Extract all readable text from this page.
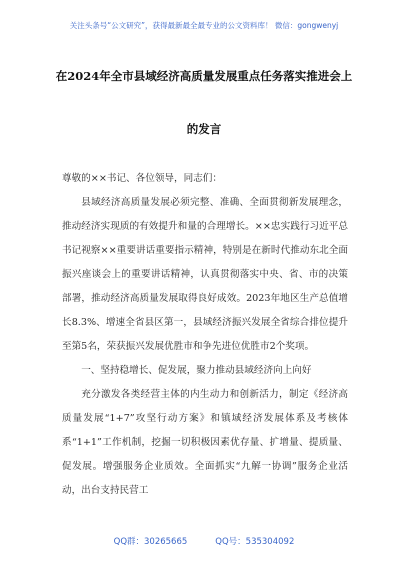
关注头条号“公文研究”，获得最新最全最专业的公文资料库！ 微信：gongwenyj
在2024年全市县域经济高质量发展重点任务落实推进会上
的发言

尊敬的××书记、各位领导，同志们：

县域经济高质量发展必须完整、准确、全面贯彻新发展理念，推动经济实现质的有效提升和量的合理增长。××忠实践行习近平总书记视察××重要讲话重要指示精神，特别是在新时代推动东北全面振兴座谈会上的重要讲话精神，认真贯彻落实中央、省、市的决策部署，推动经济高质量发展取得良好成效。2023年地区生产总值增长8.3%、增速全省县区第一，县域经济振兴发展全省综合排位提升至第5名，荣获振兴发展优胜市和争先进位优胜市2个奖项。

一、坚持稳增长、促发展，聚力推动县域经济向上向好

充分激发各类经营主体的内生动力和创新活力，制定《经济高质量发展“1+7”攻坚行动方案》和镇域经济发展体系及考核体系“1+1”工作机制，挖掘一切积极因素优存量、扩增量、提质量、促发展。增强服务企业质效。全面抓实“九解一协调”服务企业活动，出台支持民营工

QQ群：30265665	QQ号：535304092
